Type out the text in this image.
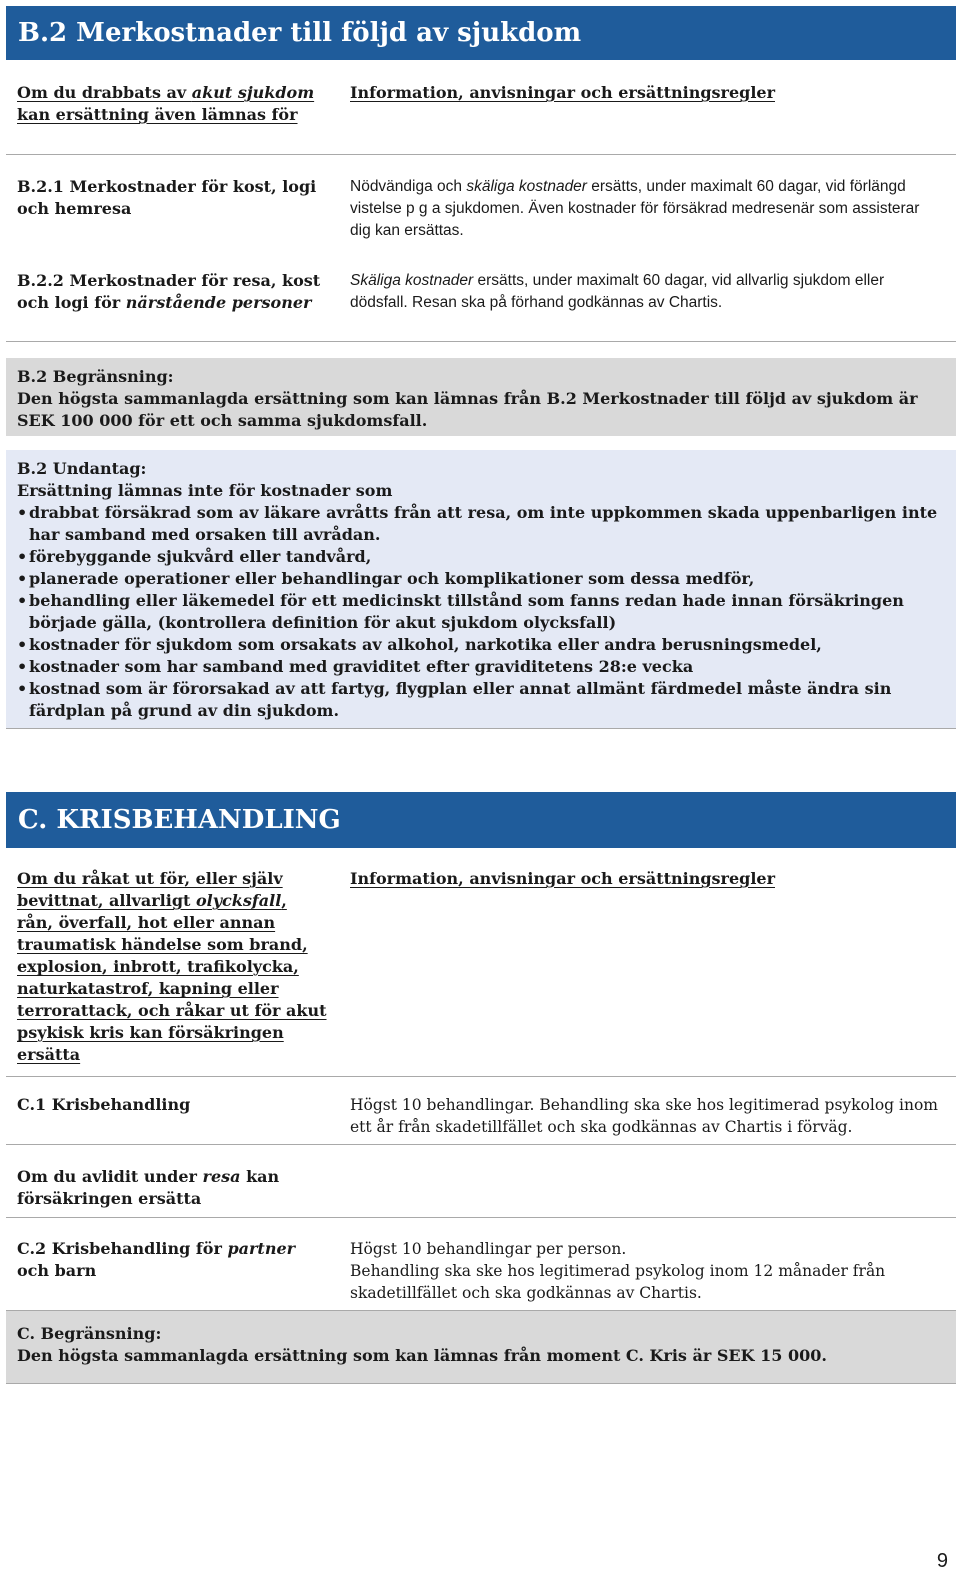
B.2 Merkostnader till följd av sjukdom
Om du drabbats av akut sjukdom kan ersättning även lämnas för
Information, anvisningar och ersättningsregler
B.2.1 Merkostnader för kost, logi och hemresa
Nödvändiga och skäliga kostnader ersätts, under maximalt 60 dagar, vid förlängd vistelse p g a sjukdomen. Även kostnader för försäkrad medresenär som assisterar dig kan ersättas.
B.2.2 Merkostnader för resa, kost och logi för närstående personer
Skäliga kostnader ersätts, under maximalt 60 dagar, vid allvarlig sjukdom eller dödsfall. Resan ska på förhand godkännas av Chartis.
B.2 Begränsning:
Den högsta sammanlagda ersättning som kan lämnas från B.2 Merkostnader till följd av sjukdom är SEK 100 000 för ett och samma sjukdomsfall.
B.2 Undantag:
Ersättning lämnas inte för kostnader som
• drabbat försäkrad som av läkare avråtts från att resa, om inte uppkommen skada uppenbarligen inte har samband med orsaken till avrådan.
• förebyggande sjukvård eller tandvård,
• planerade operationer eller behandlingar och komplikationer som dessa medför,
• behandling eller läkemedel för ett medicinskt tillstånd som fanns redan hade innan försäkringen började gälla, (kontrollera definition för akut sjukdom olycksfall)
• kostnader för sjukdom som orsakats av alkohol, narkotika eller andra berusningsmedel,
• kostnader som har samband med graviditet efter graviditetens 28:e vecka
• kostnad som är förorsakad av att fartyg, flygplan eller annat allmänt färdmedel måste ändra sin färdplan på grund av din sjukdom.
C. KRISBEHANDLING
Om du råkat ut för, eller själv bevittnat, allvarligt olycksfall, rån, överfall, hot eller annan traumatisk händelse som brand, explosion, inbrott, trafikolycka, naturkatastrof, kapning eller terrorattack, och råkar ut för akut psykisk kris kan försäkringen ersätta
Information, anvisningar och ersättningsregler
C.1 Krisbehandling	Högst 10 behandlingar. Behandling ska ske hos legitimerad psykolog inom ett år från skadetillfället och ska godkännas av Chartis i förväg.
Om du avlidit under resa kan försäkringen ersätta
C.2 Krisbehandling för partner och barn
Högst 10 behandlingar per person.
Behandling ska ske hos legitimerad psykolog inom 12 månader från skadetillfället och ska godkännas av Chartis.
C. Begränsning:
Den högsta sammanlagda ersättning som kan lämnas från moment C. Kris är SEK 15 000.
9
